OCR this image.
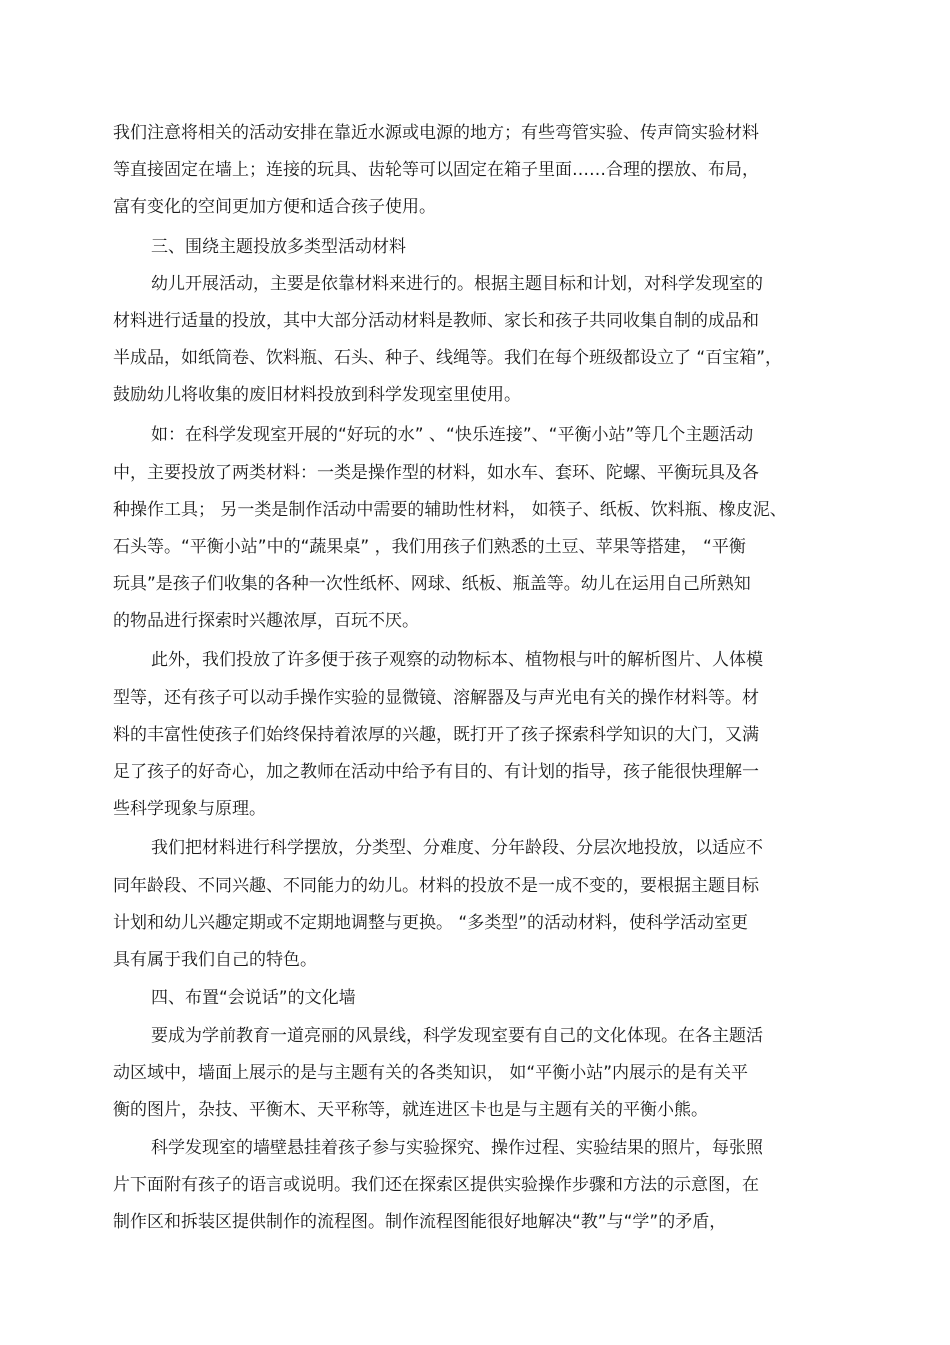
我们注意将相关的活动安排在靠近水源或电源的地方；有些弯管实验、传声筒实验材料

等直接固定在墙上；连接的玩具、齿轮等可以固定在箱子里面……合理的摆放、布局，

富有变化的空间更加方便和适合孩子使用。

三、围绕主题投放多类型活动材料

幼儿开展活动，主要是依靠材料来进行的。根据主题目标和计划，对科学发现室的

材料进行适量的投放，其中大部分活动材料是教师、家长和孩子共同收集自制的成品和

半成品，如纸筒卷、饮料瓶、石头、种子、线绳等。我们在每个班级都设立了 “百宝箱”，

鼓励幼儿将收集的废旧材料投放到科学发现室里使用。

如：在科学发现室开展的“好玩的水” 、“快乐连接”、“平衡小站”等几个主题活动

中，主要投放了两类材料：一类是操作型的材料，如水车、套环、陀螺、平衡玩具及各

种操作工具； 另一类是制作活动中需要的辅助性材料， 如筷子、纸板、饮料瓶、橡皮泥、

石头等。“平衡小站”中的“蔬果桌” ，我们用孩子们熟悉的土豆、苹果等搭建， “平衡

玩具”是孩子们收集的各种一次性纸杯、网球、纸板、瓶盖等。幼儿在运用自己所熟知

的物品进行探索时兴趣浓厚，百玩不厌。

此外，我们投放了许多便于孩子观察的动物标本、植物根与叶的解析图片、人体模

型等，还有孩子可以动手操作实验的显微镜、溶解器及与声光电有关的操作材料等。材

料的丰富性使孩子们始终保持着浓厚的兴趣，既打开了孩子探索科学知识的大门，又满

足了孩子的好奇心，加之教师在活动中给予有目的、有计划的指导，孩子能很快理解一

些科学现象与原理。

我们把材料进行科学摆放，分类型、分难度、分年龄段、分层次地投放，以适应不

同年龄段、不同兴趣、不同能力的幼儿。材料的投放不是一成不变的，要根据主题目标

计划和幼儿兴趣定期或不定期地调整与更换。 “多类型”的活动材料，使科学活动室更

具有属于我们自己的特色。

四、布置“会说话”的文化墙

要成为学前教育一道亮丽的风景线，科学发现室要有自己的文化体现。在各主题活

动区域中，墙面上展示的是与主题有关的各类知识， 如“平衡小站”内展示的是有关平

衡的图片，杂技、平衡木、天平称等，就连进区卡也是与主题有关的平衡小熊。

科学发现室的墙壁悬挂着孩子参与实验探究、操作过程、实验结果的照片，每张照

片下面附有孩子的语言或说明。我们还在探索区提供实验操作步骤和方法的示意图，在

制作区和拆装区提供制作的流程图。制作流程图能很好地解决“教”与“学”的矛盾，
